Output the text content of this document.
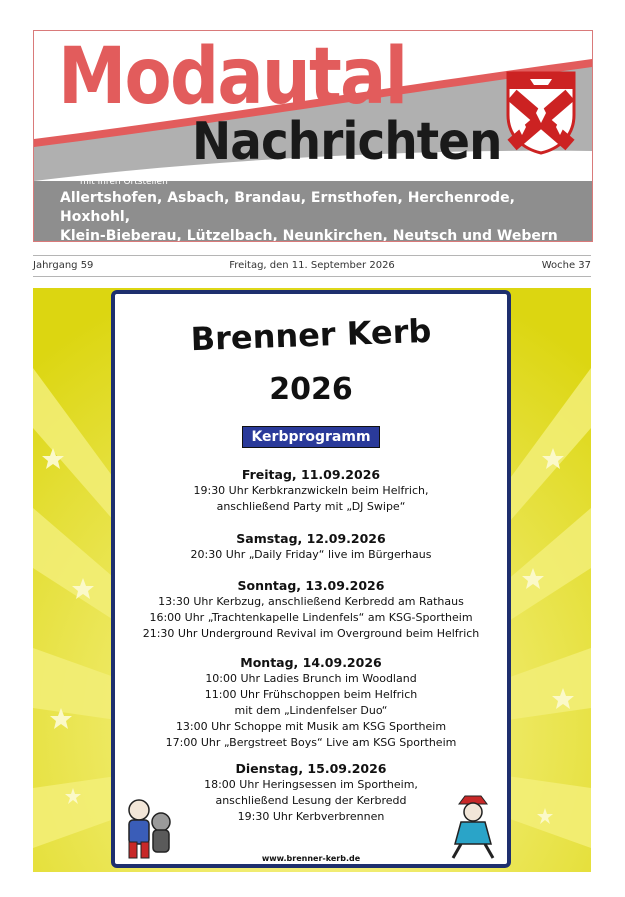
Modautal
Nachrichten
mit ihren Ortsteilen
Allertshofen, Asbach, Brandau, Ernsthofen, Herchenrode, Hoxhohl,
Klein-Bieberau, Lützelbach, Neunkirchen, Neutsch und Webern
Jahrgang 59	Freitag, den 11. September 2026	Woche 37
Brenner Kerb
2026
Kerbprogramm
Freitag, 11.09.2026
19:30 Uhr Kerbkranzwickeln beim Helfrich,
anschließend Party mit „DJ Swipe“
Samstag, 12.09.2026
20:30 Uhr „Daily Friday“ live im Bürgerhaus
Sonntag, 13.09.2026
13:30 Uhr Kerbzug, anschließend Kerbredd am Rathaus
16:00 Uhr „Trachtenkapelle Lindenfels“ am KSG-Sportheim
21:30 Uhr Underground Revival im Overground beim Helfrich
Montag, 14.09.2026
10:00 Uhr Ladies Brunch im Woodland
11:00 Uhr Frühschoppen beim Helfrich
mit dem „Lindenfelser Duo“
13:00 Uhr Schoppe mit Musik am KSG Sportheim
17:00 Uhr „Bergstreet Boys“ Live am KSG Sportheim
Dienstag, 15.09.2026
18:00 Uhr Heringsessen im Sportheim,
anschließend Lesung der Kerbredd
19:30 Uhr Kerbverbrennen
www.brenner-kerb.de
